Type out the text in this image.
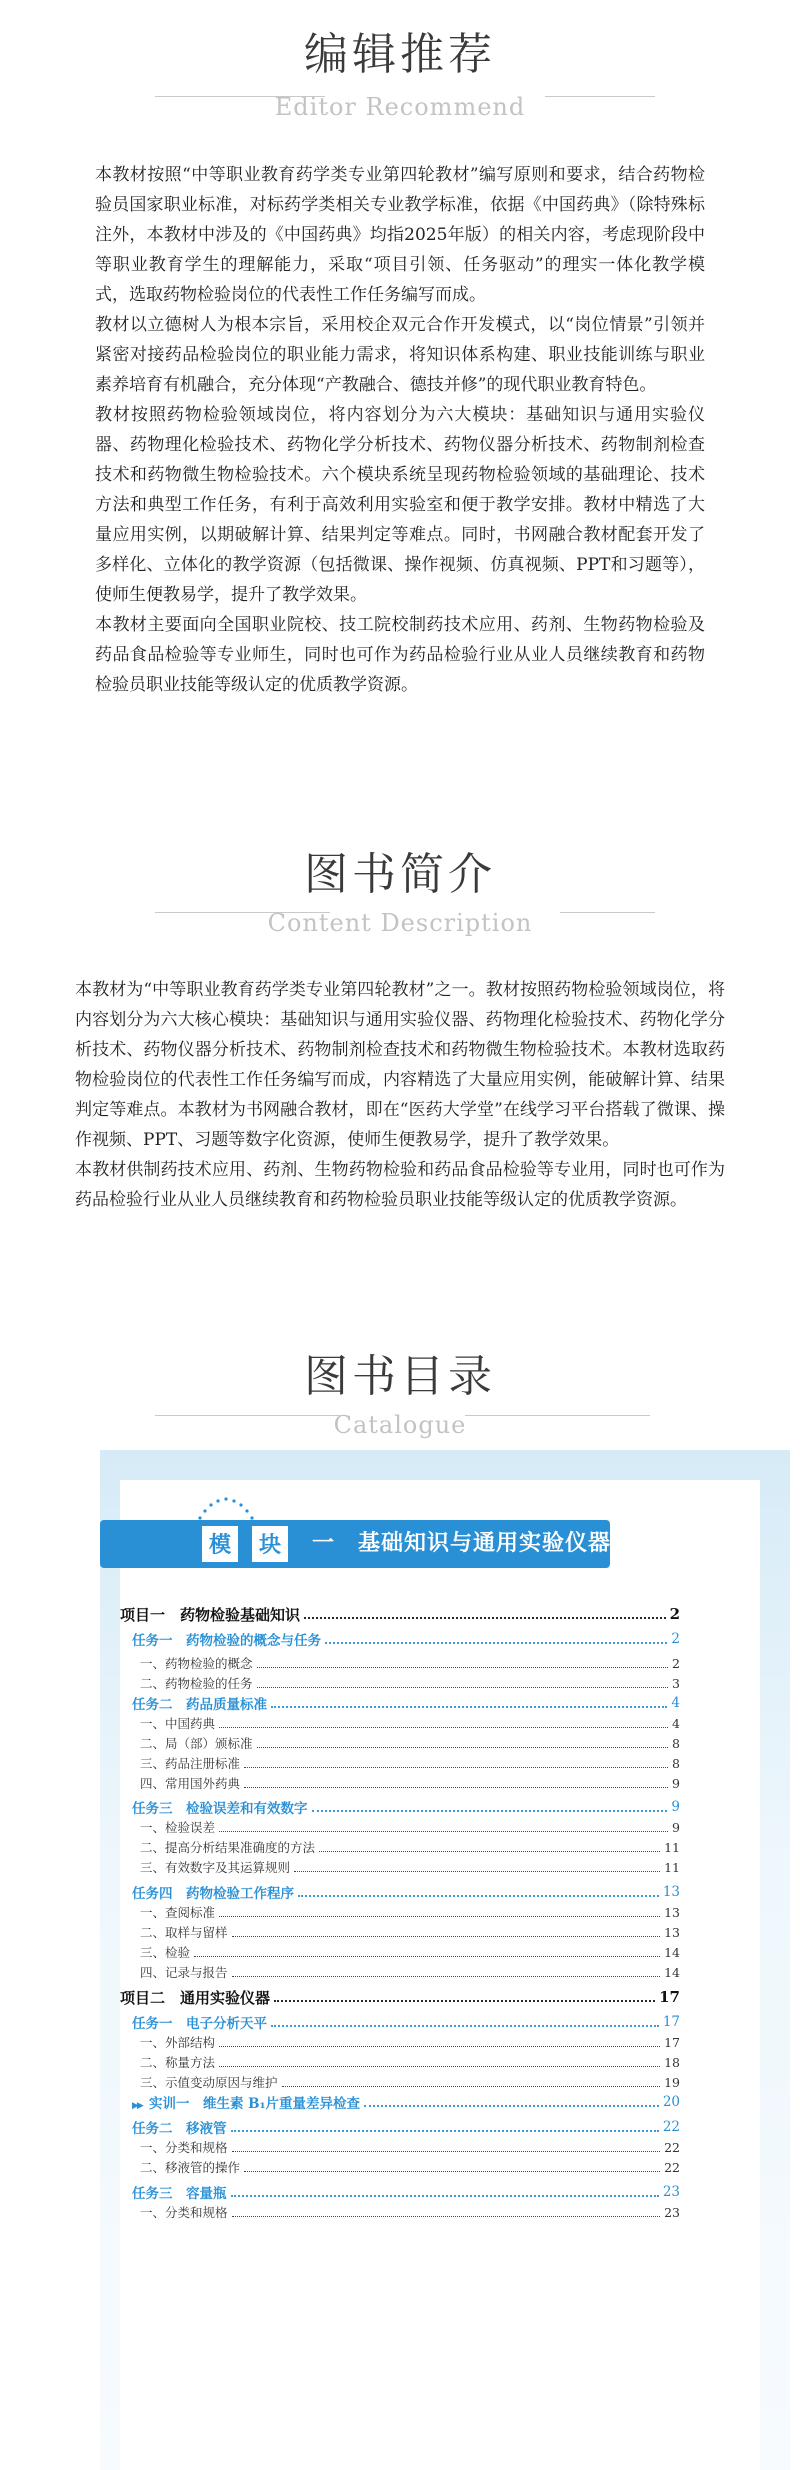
编辑推荐
Editor Recommend

本教材按照“中等职业教育药学类专业第四轮教材”编写原则和要求，结合药物检验员国家职业标准，对标药学类相关专业教学标准，依据《中国药典》（除特殊标注外，本教材中涉及的《中国药典》均指2025年版）的相关内容，考虑现阶段中等职业教育学生的理解能力，采取“项目引领、任务驱动”的理实一体化教学模式，选取药物检验岗位的代表性工作任务编写而成。

教材以立德树人为根本宗旨，采用校企双元合作开发模式，以“岗位情景”引领并紧密对接药品检验岗位的职业能力需求，将知识体系构建、职业技能训练与职业素养培育有机融合，充分体现“产教融合、德技并修”的现代职业教育特色。

教材按照药物检验领域岗位，将内容划分为六大模块：基础知识与通用实验仪器、药物理化检验技术、药物化学分析技术、药物仪器分析技术、药物制剂检查技术和药物微生物检验技术。六个模块系统呈现药物检验领域的基础理论、技术方法和典型工作任务，有利于高效利用实验室和便于教学安排。教材中精选了大量应用实例，以期破解计算、结果判定等难点。同时，书网融合教材配套开发了多样化、立体化的教学资源（包括微课、操作视频、仿真视频、PPT和习题等），使师生便教易学，提升了教学效果。

本教材主要面向全国职业院校、技工院校制药技术应用、药剂、生物药物检验及药品食品检验等专业师生，同时也可作为药品检验行业从业人员继续教育和药物检验员职业技能等级认定的优质教学资源。

图书简介
Content Description

本教材为“中等职业教育药学类专业第四轮教材”之一。教材按照药物检验领域岗位，将内容划分为六大核心模块：基础知识与通用实验仪器、药物理化检验技术、药物化学分析技术、药物仪器分析技术、药物制剂检查技术和药物微生物检验技术。本教材选取药物检验岗位的代表性工作任务编写而成，内容精选了大量应用实例，能破解计算、结果判定等难点。本教材为书网融合教材，即在“医药大学堂”在线学习平台搭载了微课、操作视频、PPT、习题等数字化资源，使师生便教易学，提升了教学效果。

本教材供制药技术应用、药剂、生物药物检验和药品食品检验等专业用，同时也可作为药品检验行业从业人员继续教育和药物检验员职业技能等级认定的优质教学资源。

图书目录
Catalogue
模	块	一　基础知识与通用实验仪器
项目一　药物检验基础知识	2
任务一　药物检验的概念与任务	2
一、药物检验的概念	2
二、药物检验的任务	3
任务二　药品质量标准	4
一、中国药典	4
二、局（部）颁标准	8
三、药品注册标准	8
四、常用国外药典	9
任务三　检验误差和有效数字	9
一、检验误差	9
二、提高分析结果准确度的方法	11
三、有效数字及其运算规则	11
任务四　药物检验工作程序	13
一、查阅标准	13
二、取样与留样	13
三、检验	14
四、记录与报告	14
项目二　通用实验仪器	17
任务一　电子分析天平	17
一、外部结构	17
二、称量方法	18
三、示值变动原因与维护	19
▶▶ 实训一　维生素 B₁片重量差异检查	20
任务二　移液管	22
一、分类和规格	22
二、移液管的操作	22
任务三　容量瓶	23
一、分类和规格	23
